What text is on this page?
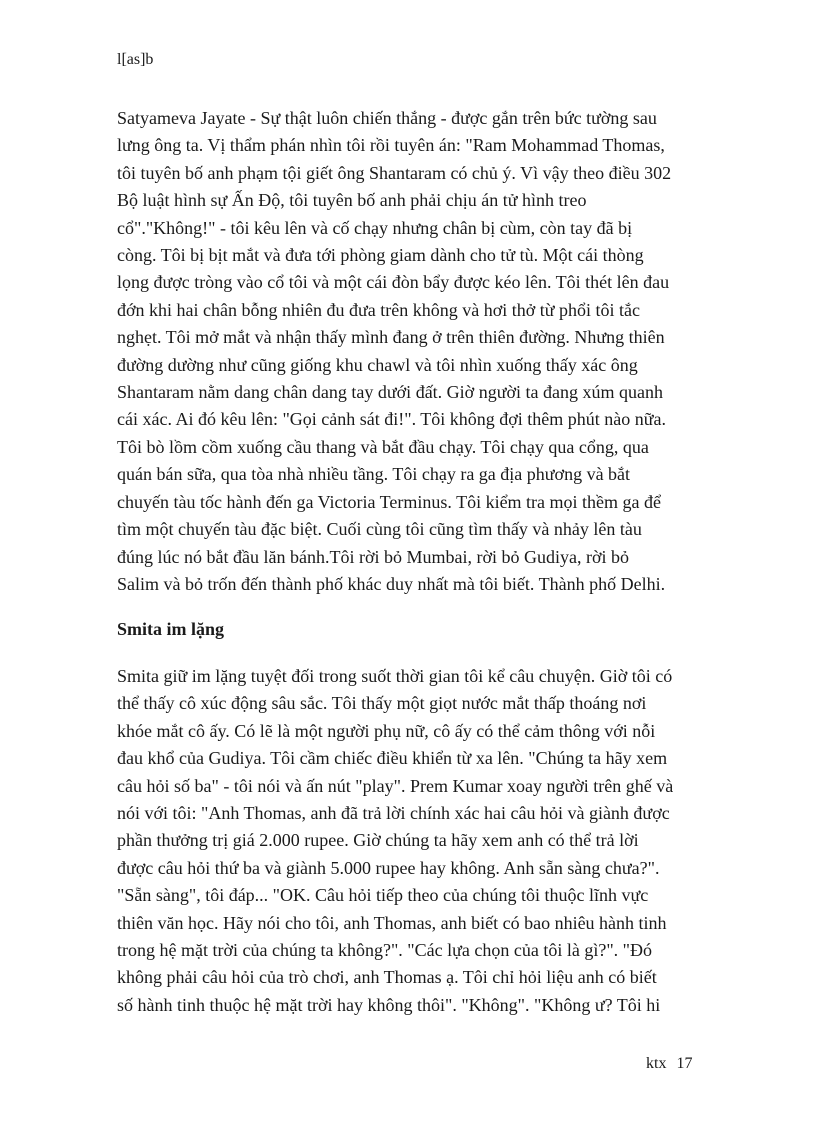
l[as]b
Satyameva Jayate - Sự thật luôn chiến thắng - được gắn trên bức tường sau
lưng ông ta. Vị thẩm phán nhìn tôi rồi tuyên án: "Ram Mohammad Thomas,
tôi tuyên bố anh phạm tội giết ông Shantaram có chủ ý. Vì vậy theo điều 302
Bộ luật hình sự Ấn Độ, tôi tuyên bố anh phải chịu án tử hình treo
cổ"."Không!" - tôi kêu lên và cố chạy nhưng chân bị cùm, còn tay đã bị
còng. Tôi bị bịt mắt và đưa tới phòng giam dành cho tử tù. Một cái thòng
lọng được tròng vào cổ tôi và một cái đòn bẩy được kéo lên. Tôi thét lên đau
đớn khi hai chân bỗng nhiên đu đưa trên không và hơi thở từ phổi tôi tắc
nghẹt. Tôi mở mắt và nhận thấy mình đang ở trên thiên đường. Nhưng thiên
đường dường như cũng giống khu chawl và tôi nhìn xuống thấy xác ông
Shantaram nằm dang chân dang tay dưới đất. Giờ người ta đang xúm quanh
cái xác. Ai đó kêu lên: "Gọi cảnh sát đi!". Tôi không đợi thêm phút nào nữa.
Tôi bò lồm cồm xuống cầu thang và bắt đầu chạy. Tôi chạy qua cổng, qua
quán bán sữa, qua tòa nhà nhiều tầng. Tôi chạy ra ga địa phương và bắt
chuyến tàu tốc hành đến ga Victoria Terminus. Tôi kiểm tra mọi thềm ga để
tìm một chuyến tàu đặc biệt. Cuối cùng tôi cũng tìm thấy và nhảy lên tàu
đúng lúc nó bắt đầu lăn bánh.Tôi rời bỏ Mumbai, rời bỏ Gudiya, rời bỏ
Salim và bỏ trốn đến thành phố khác duy nhất mà tôi biết. Thành phố Delhi.
Smita im lặng
Smita giữ im lặng tuyệt đối trong suốt thời gian tôi kể câu chuyện. Giờ tôi có
thể thấy cô xúc động sâu sắc. Tôi thấy một giọt nước mắt thấp thoáng nơi
khóe mắt cô ấy. Có lẽ là một người phụ nữ, cô ấy có thể cảm thông với nỗi
đau khổ của Gudiya. Tôi cầm chiếc điều khiển từ xa lên. "Chúng ta hãy xem
câu hỏi số ba" - tôi nói và ấn nút "play". Prem Kumar xoay người trên ghế và
nói với tôi: "Anh Thomas, anh đã trả lời chính xác hai câu hỏi và giành được
phần thưởng trị giá 2.000 rupee. Giờ chúng ta hãy xem anh có thể trả lời
được câu hỏi thứ ba và giành 5.000 rupee hay không. Anh sẵn sàng chưa?".
"Sẵn sàng", tôi đáp... "OK. Câu hỏi tiếp theo của chúng tôi thuộc lĩnh vực
thiên văn học. Hãy nói cho tôi, anh Thomas, anh biết có bao nhiêu hành tinh
trong hệ mặt trời của chúng ta không?". "Các lựa chọn của tôi là gì?". "Đó
không phải câu hỏi của trò chơi, anh Thomas ạ. Tôi chỉ hỏi liệu anh có biết
số hành tinh thuộc hệ mặt trời hay không thôi". "Không". "Không ư? Tôi hi
ktx 17
